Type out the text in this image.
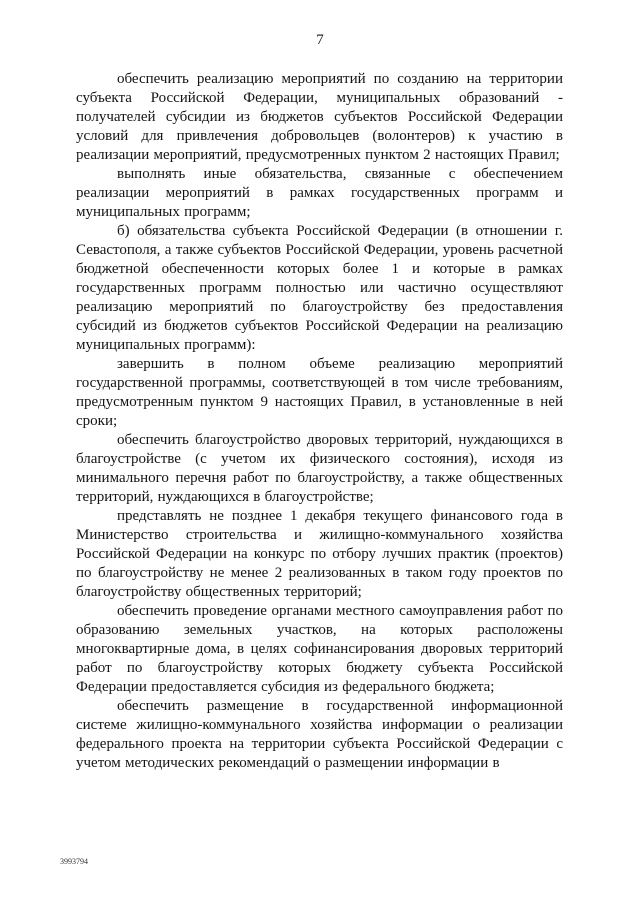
7

обеспечить реализацию мероприятий по созданию на территории субъекта Российской Федерации, муниципальных образований - получателей субсидии из бюджетов субъектов Российской Федерации условий для привлечения добровольцев (волонтеров) к участию в реализации мероприятий, предусмотренных пунктом 2 настоящих Правил;

выполнять иные обязательства, связанные с обеспечением реализации мероприятий в рамках государственных программ и муниципальных программ;

б) обязательства субъекта Российской Федерации (в отношении г. Севастополя, а также субъектов Российской Федерации, уровень расчетной бюджетной обеспеченности которых более 1 и которые в рамках государственных программ полностью или частично осуществляют реализацию мероприятий по благоустройству без предоставления субсидий из бюджетов субъектов Российской Федерации на реализацию муниципальных программ):

завершить в полном объеме реализацию мероприятий государственной программы, соответствующей в том числе требованиям, предусмотренным пунктом 9 настоящих Правил, в установленные в ней сроки;

обеспечить благоустройство дворовых территорий, нуждающихся в благоустройстве (с учетом их физического состояния), исходя из минимального перечня работ по благоустройству, а также общественных территорий, нуждающихся в благоустройстве;

представлять не позднее 1 декабря текущего финансового года в Министерство строительства и жилищно-коммунального хозяйства Российской Федерации на конкурс по отбору лучших практик (проектов) по благоустройству не менее 2 реализованных в таком году проектов по благоустройству общественных территорий;

обеспечить проведение органами местного самоуправления работ по образованию земельных участков, на которых расположены многоквартирные дома, в целях софинансирования дворовых территорий работ по благоустройству которых бюджету субъекта Российской Федерации предоставляется субсидия из федерального бюджета;

обеспечить размещение в государственной информационной системе жилищно-коммунального хозяйства информации о реализации федерального проекта на территории субъекта Российской Федерации с учетом методических рекомендаций о размещении информации в

3993794
